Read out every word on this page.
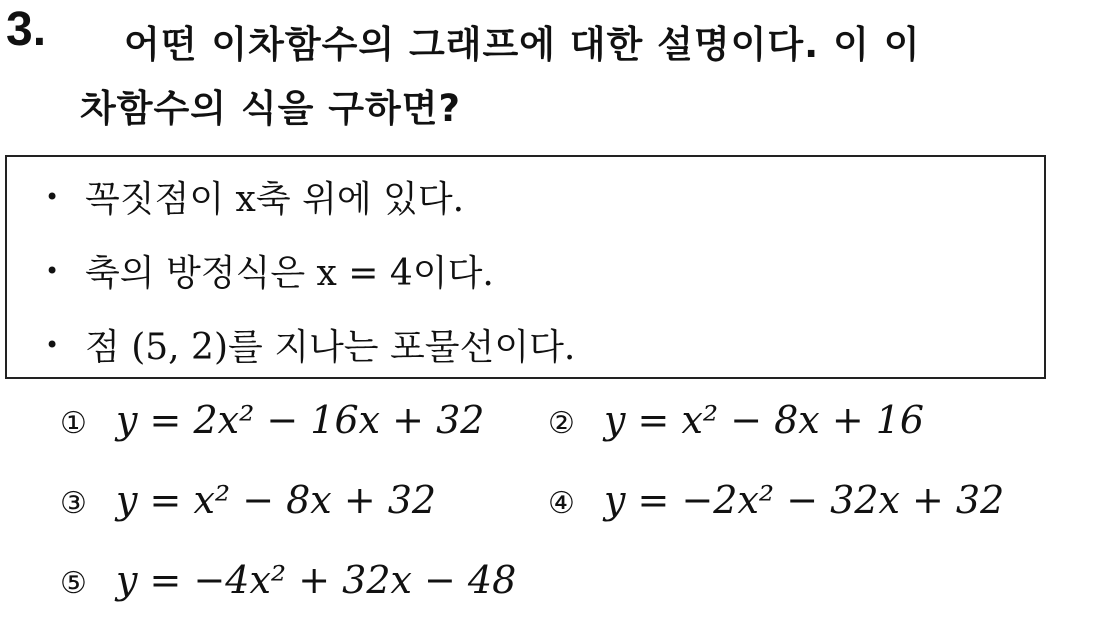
3. 어떤 이차함수의 그래프에 대한 설명이다. 이 이
차함수의 식을 구하면?
• 꼭짓점이 x축 위에 있다.
• 축의 방정식은 x = 4이다.
• 점 (5, 2)를 지나는 포물선이다.
① y = 2x² − 16x + 32 ② y = x² − 8x + 16
③ y = x² − 8x + 32	④ y = −2x² − 32x + 32
⑤ y = −4x² + 32x − 48
